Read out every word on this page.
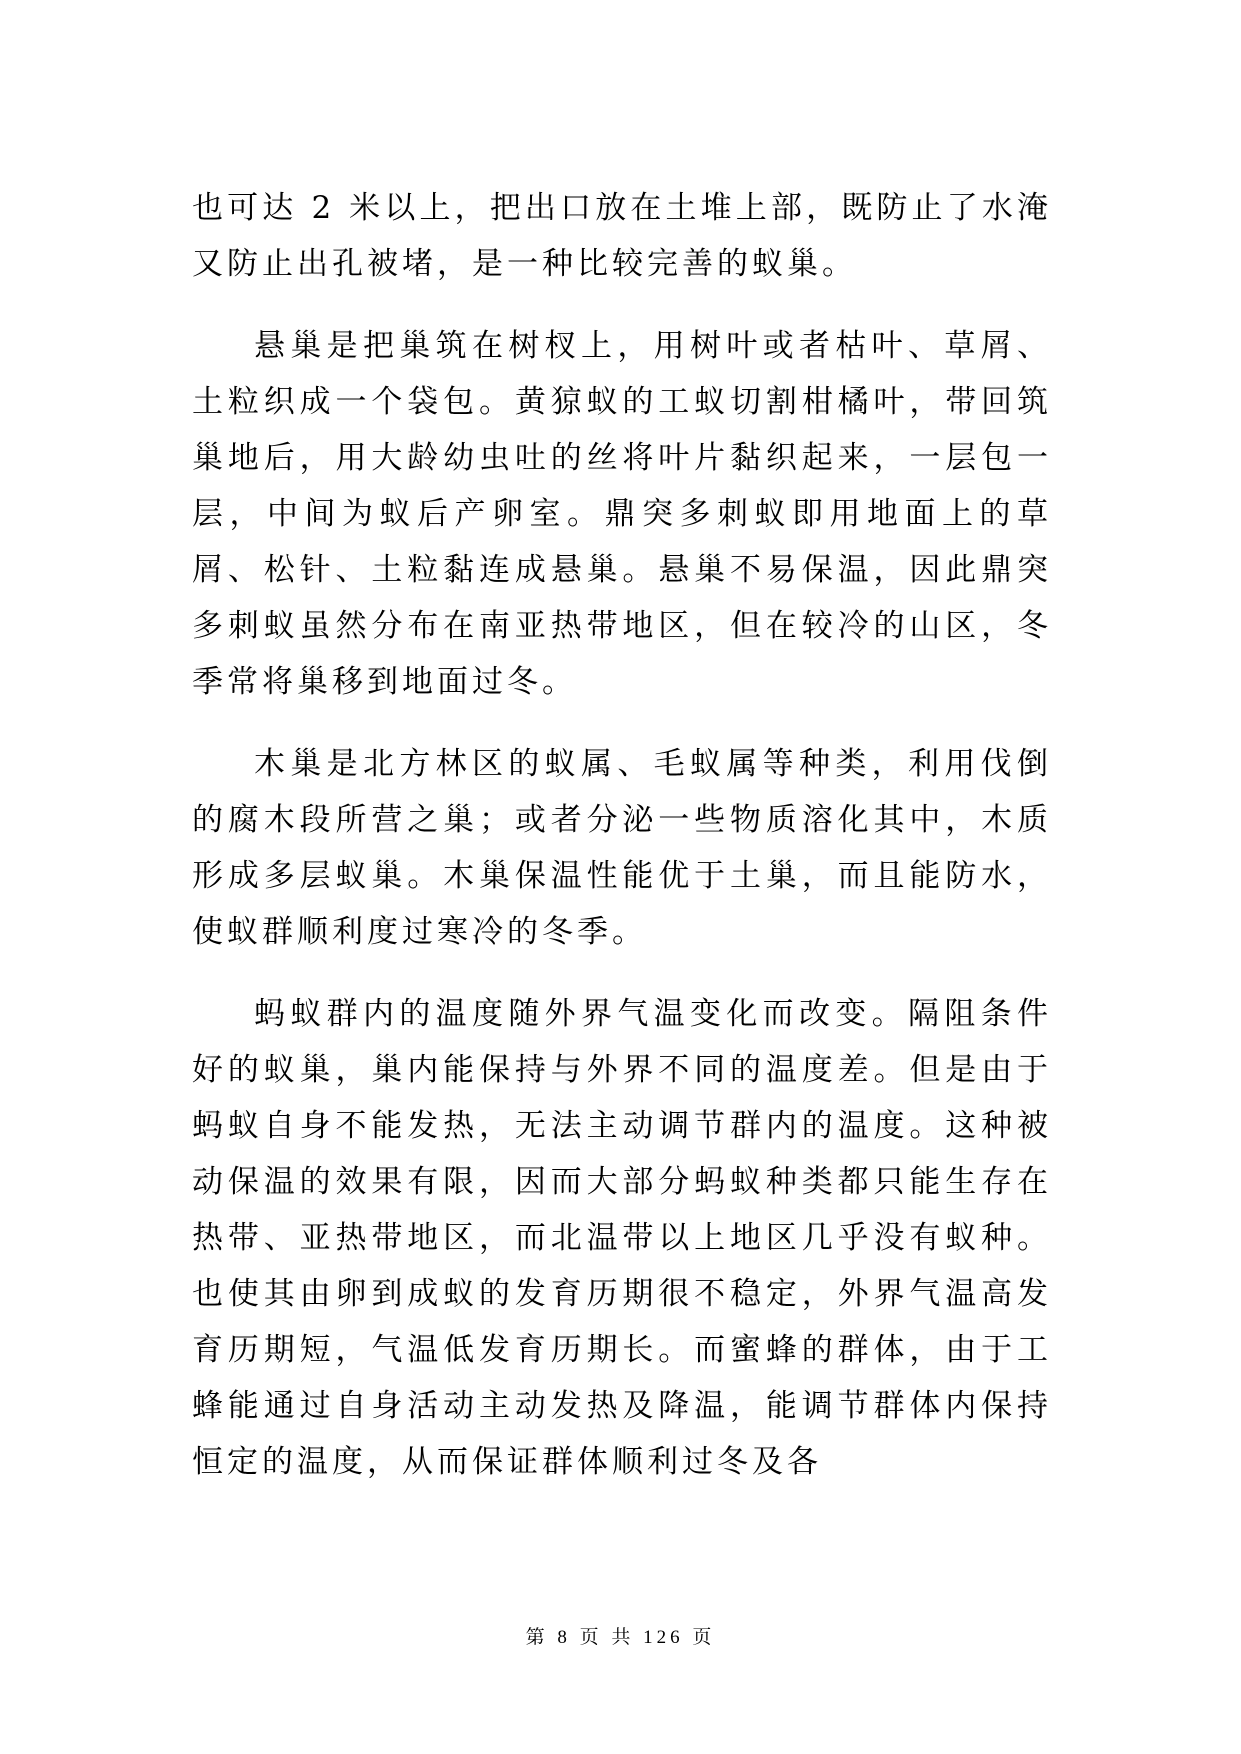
也可达 2 米以上，把出口放在土堆上部，既防止了水淹又防止出孔被堵，是一种比较完善的蚁巢。

悬巢是把巢筑在树杈上，用树叶或者枯叶、草屑、土粒织成一个袋包。黄猄蚁的工蚁切割柑橘叶，带回筑巢地后，用大龄幼虫吐的丝将叶片黏织起来，一层包一层，中间为蚁后产卵室。鼎突多刺蚁即用地面上的草屑、松针、土粒黏连成悬巢。悬巢不易保温，因此鼎突多刺蚁虽然分布在南亚热带地区，但在较冷的山区，冬季常将巢移到地面过冬。

木巢是北方林区的蚁属、毛蚁属等种类，利用伐倒的腐木段所营之巢；或者分泌一些物质溶化其中，木质形成多层蚁巢。木巢保温性能优于土巢，而且能防水，使蚁群顺利度过寒冷的冬季。

蚂蚁群内的温度随外界气温变化而改变。隔阻条件好的蚁巢，巢内能保持与外界不同的温度差。但是由于蚂蚁自身不能发热，无法主动调节群内的温度。这种被动保温的效果有限，因而大部分蚂蚁种类都只能生存在热带、亚热带地区，而北温带以上地区几乎没有蚁种。也使其由卵到成蚁的发育历期很不稳定，外界气温高发育历期短，气温低发育历期长。而蜜蜂的群体，由于工蜂能通过自身活动主动发热及降温，能调节群体内保持恒定的温度，从而保证群体顺利过冬及各

第 8 页 共 126 页
